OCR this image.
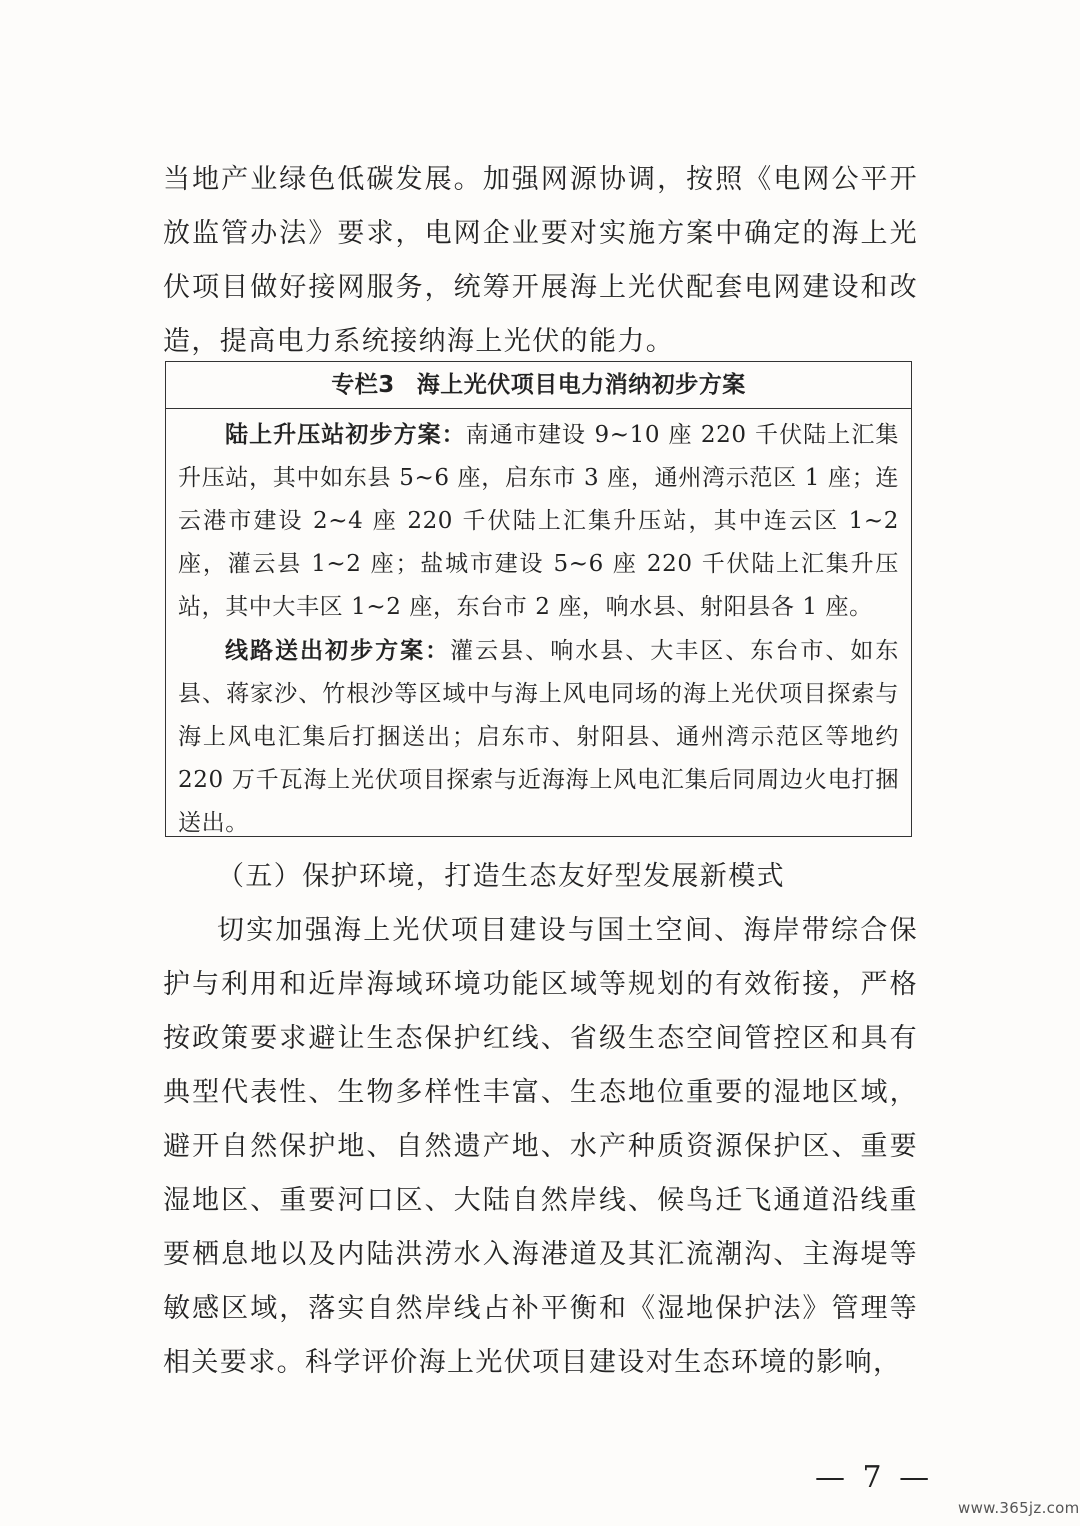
当地产业绿色低碳发展。加强网源协调，按照《电网公平开放监管办法》要求，电网企业要对实施方案中确定的海上光伏项目做好接网服务，统筹开展海上光伏配套电网建设和改造，提高电力系统接纳海上光伏的能力。

专栏3 海上光伏项目电力消纳初步方案

陆上升压站初步方案：南通市建设 9~10 座 220 千伏陆上汇集升压站，其中如东县 5~6 座，启东市 3 座，通州湾示范区 1 座；连云港市建设 2~4 座 220 千伏陆上汇集升压站，其中连云区 1~2 座，灌云县 1~2 座；盐城市建设 5~6 座 220 千伏陆上汇集升压站，其中大丰区 1~2 座，东台市 2 座，响水县、射阳县各 1 座。

线路送出初步方案：灌云县、响水县、大丰区、东台市、如东县、蒋家沙、竹根沙等区域中与海上风电同场的海上光伏项目探索与海上风电汇集后打捆送出；启东市、射阳县、通州湾示范区等地约 220 万千瓦海上光伏项目探索与近海海上风电汇集后同周边火电打捆送出。

（五）保护环境，打造生态友好型发展新模式

切实加强海上光伏项目建设与国土空间、海岸带综合保护与利用和近岸海域环境功能区域等规划的有效衔接，严格按政策要求避让生态保护红线、省级生态空间管控区和具有典型代表性、生物多样性丰富、生态地位重要的湿地区域，避开自然保护地、自然遗产地、水产种质资源保护区、重要湿地区、重要河口区、大陆自然岸线、候鸟迁飞通道沿线重要栖息地以及内陆洪涝水入海港道及其汇流潮沟、主海堤等敏感区域，落实自然岸线占补平衡和《湿地保护法》管理等相关要求。科学评价海上光伏项目建设对生态环境的影响，

— 7 —
www.365jz.com
